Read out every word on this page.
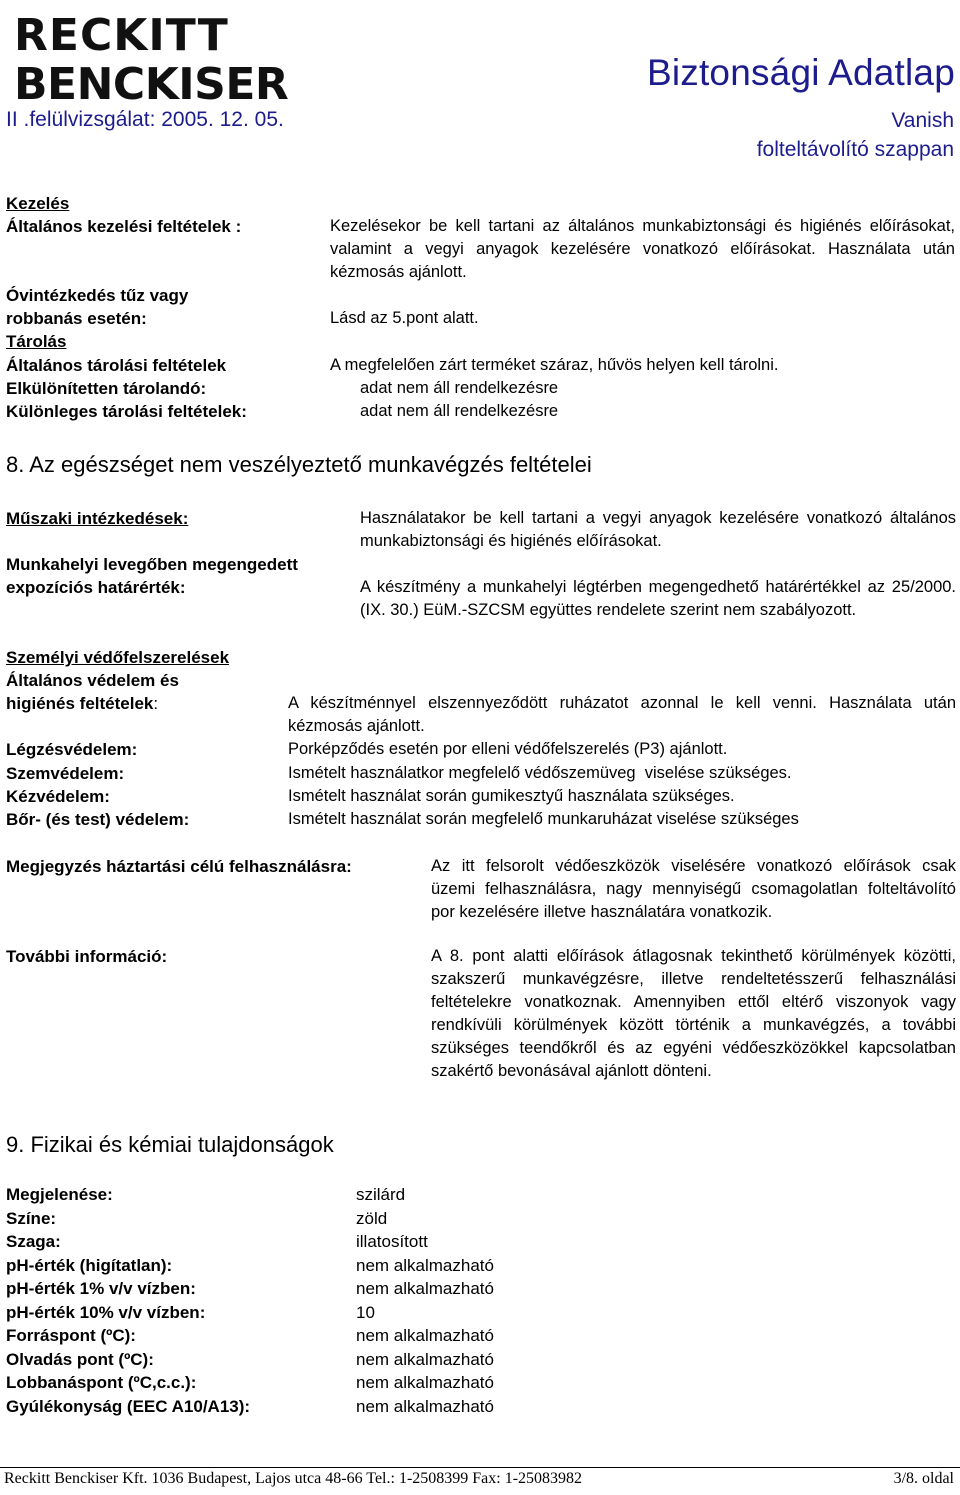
RECKITT
BENCKISER	Biztonsági Adatlap
II .felülvizsgálat: 2005. 12. 05.	Vanish
folteltávolító szappan
Kezelés
Általános kezelési feltételek :	Kezelésekor be kell tartani az általános munkabiztonsági és higiénés előírásokat, valamint a vegyi anyagok kezelésére vonatkozó előírásokat. Használata után kézmosás ajánlott.
Óvintézkedés tűz vagy
robbanás esetén:	Lásd az 5.pont alatt.
Tárolás
Általános tárolási feltételek	A megfelelően zárt terméket száraz, hűvös helyen kell tárolni.
Elkülönítetten tárolandó:	adat nem áll rendelkezésre
Különleges tárolási feltételek:	adat nem áll rendelkezésre
8. Az egészséget nem veszélyeztető munkavégzés feltételei
Műszaki intézkedések:	Használatakor be kell tartani a vegyi anyagok kezelésére vonatkozó általános munkabiztonsági és higiénés előírásokat.
Munkahelyi levegőben megengedett
expozíciós határérték:	A készítmény a munkahelyi légtérben megengedhető határértékkel az 25/2000. (IX. 30.) EüM.-SZCSM együttes rendelete szerint nem szabályozott.
Személyi védőfelszerelések
Általános védelem és
higiénés feltételek:	A készítménnyel elszennyeződött ruházatot azonnal le kell venni. Használata után kézmosás ajánlott.
Légzésvédelem:	Porképződés esetén por elleni védőfelszerelés (P3) ajánlott.
Szemvédelem:	Ismételt használatkor megfelelő védőszemüveg  viselése szükséges.
Kézvédelem:	Ismételt használat során gumikesztyű használata szükséges.
Bőr- (és test) védelem:	Ismételt használat során megfelelő munkaruházat viselése szükséges
Megjegyzés háztartási célú felhasználásra:	Az itt felsorolt védőeszközök viselésére vonatkozó előírások csak üzemi felhasználásra, nagy mennyiségű csomagolatlan folteltávolító por kezelésére illetve használatára vonatkozik.
További információ:	A 8. pont alatti előírások átlagosnak tekinthető körülmények közötti, szakszerű munkavégzésre, illetve rendeltetésszerű felhasználási feltételekre vonatkoznak. Amennyiben ettől eltérő viszonyok vagy rendkívüli körülmények között történik a munkavégzés, a további szükséges teendőkről és az egyéni védőeszközökkel kapcsolatban szakértő bevonásával ajánlott dönteni.
9. Fizikai és kémiai tulajdonságok
Megjelenése:	szilárd
Színe:	zöld
Szaga:	illatosított
pH-érték (higítatlan):	nem alkalmazható
pH-érték 1% v/v vízben:	nem alkalmazható
pH-érték 10% v/v vízben:	10
Forráspont (ºC):	nem alkalmazható
Olvadás pont (ºC):	nem alkalmazható
Lobbanáspont (ºC,c.c.):	nem alkalmazható
Gyúlékonyság (EEC A10/A13):	nem alkalmazható
Reckitt Benckiser Kft. 1036 Budapest, Lajos utca 48-66 Tel.: 1-2508399 Fax: 1-25083982	3/8. oldal
